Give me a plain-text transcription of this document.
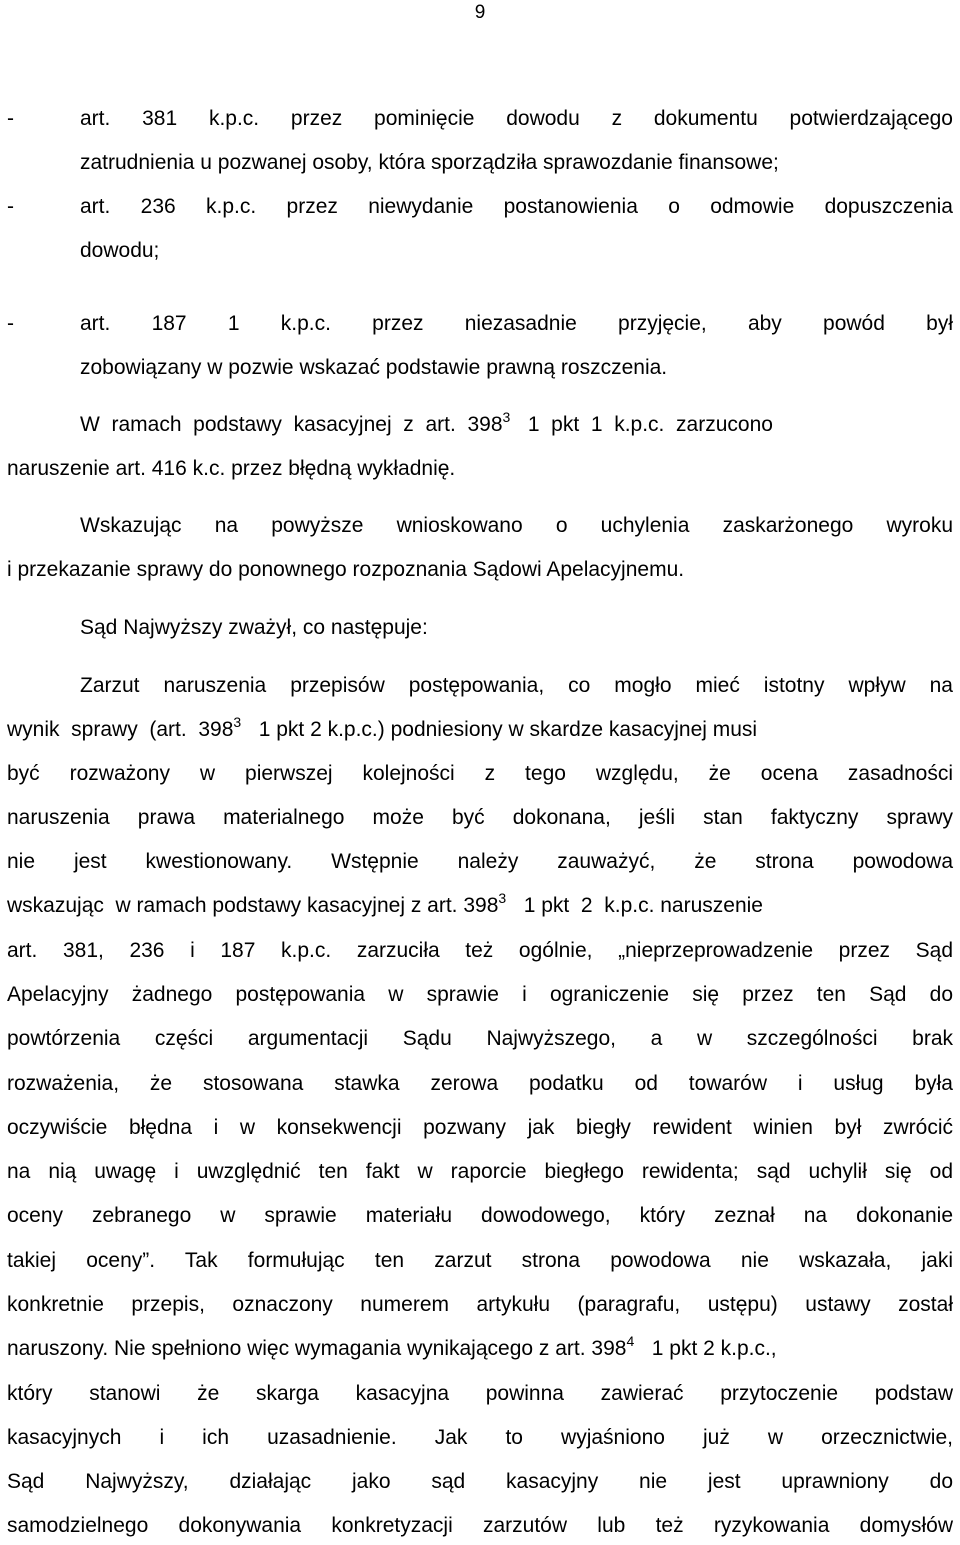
9
-	art. 381 k.p.c. przez pominięcie dowodu z dokumentu potwierdzającego
zatrudnienia u pozwanej osoby, która sporządziła sprawozdanie finansowe;
-	art. 236 k.p.c. przez niewydanie postanowienia o odmowie dopuszczenia
dowodu;
-	art. 187 1 k.p.c. przez niezasadnie przyjęcie, aby powód był
zobowiązany w pozwie wskazać podstawie prawną roszczenia.
W  ramach  podstawy  kasacyjnej  z  art.  $398^3$   1  pkt  1  k.p.c.  zarzucono
naruszenie art. 416 k.c. przez błędną wykładnię.
Wskazując na powyższe wnioskowano o uchylenia zaskarżonego wyroku
i przekazanie sprawy do ponownego rozpoznania Sądowi Apelacyjnemu.
Sąd Najwyższy zważył, co następuje:
Zarzut naruszenia przepisów postępowania, co mogło mieć istotny wpływ na
wynik  sprawy  (art.  $398^3$   1 pkt 2 k.p.c.) podniesiony w skardze kasacyjnej musi
być rozważony w pierwszej kolejności z tego względu, że ocena zasadności
naruszenia prawa materialnego może być dokonana, jeśli stan faktyczny sprawy
nie jest kwestionowany. Wstępnie należy zauważyć, że strona powodowa
wskazując  w ramach podstawy kasacyjnej z art. $398^3$   1 pkt  2  k.p.c. naruszenie
art. 381, 236 i 187 k.p.c. zarzuciła też ogólnie, „nieprzeprowadzenie przez Sąd
Apelacyjny żadnego postępowania w sprawie i ograniczenie się przez ten Sąd do
powtórzenia części argumentacji Sądu Najwyższego, a w szczególności brak
rozważenia, że stosowana stawka zerowa podatku od towarów i usług była
oczywiście błędna i w konsekwencji pozwany jak biegły rewident winien był zwrócić
na nią uwagę i uwzględnić ten fakt w raporcie biegłego rewidenta; sąd uchylił się od
oceny zebranego w sprawie materiału dowodowego, który zeznał na dokonanie
takiej oceny”. Tak formułując ten zarzut strona powodowa nie wskazała, jaki
konkretnie przepis, oznaczony numerem artykułu (paragrafu, ustępu) ustawy został
naruszony. Nie spełniono więc wymagania wynikającego z art. $398^4$   1 pkt 2 k.p.c.,
który stanowi że skarga kasacyjna powinna zawierać przytoczenie podstaw
kasacyjnych i ich uzasadnienie. Jak to wyjaśniono już w orzecznictwie,
Sąd Najwyższy, działając jako sąd kasacyjny nie jest uprawniony do
samodzielnego dokonywania konkretyzacji zarzutów lub też ryzykowania domysłów
